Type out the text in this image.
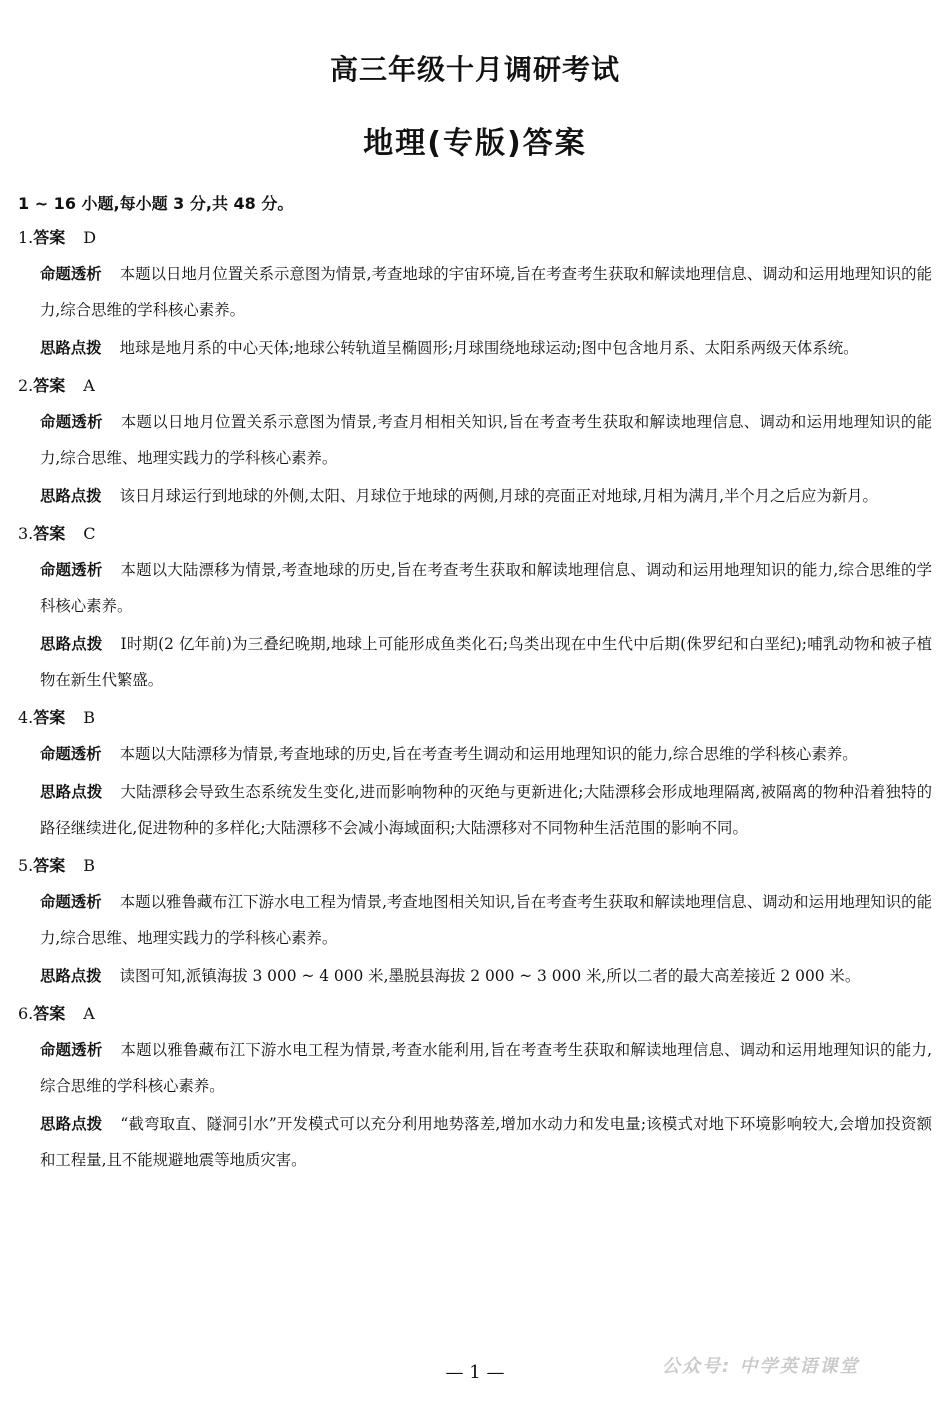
高三年级十月调研考试
地理(专版)答案
1 ~ 16 小题,每小题 3 分,共 48 分。
1.答案 D
命题透析 本题以日地月位置关系示意图为情景,考查地球的宇宙环境,旨在考查考生获取和解读地理信息、调动和运用地理知识的能力,综合思维的学科核心素养。
思路点拨 地球是地月系的中心天体;地球公转轨道呈椭圆形;月球围绕地球运动;图中包含地月系、太阳系两级天体系统。
2.答案 A
命题透析 本题以日地月位置关系示意图为情景,考查月相相关知识,旨在考查考生获取和解读地理信息、调动和运用地理知识的能力,综合思维、地理实践力的学科核心素养。
思路点拨 该日月球运行到地球的外侧,太阳、月球位于地球的两侧,月球的亮面正对地球,月相为满月,半个月之后应为新月。
3.答案 C
命题透析 本题以大陆漂移为情景,考查地球的历史,旨在考查考生获取和解读地理信息、调动和运用地理知识的能力,综合思维的学科核心素养。
思路点拨 Ⅰ时期(2 亿年前)为三叠纪晚期,地球上可能形成鱼类化石;鸟类出现在中生代中后期(侏罗纪和白垩纪);哺乳动物和被子植物在新生代繁盛。
4.答案 B
命题透析 本题以大陆漂移为情景,考查地球的历史,旨在考查考生调动和运用地理知识的能力,综合思维的学科核心素养。
思路点拨 大陆漂移会导致生态系统发生变化,进而影响物种的灭绝与更新进化;大陆漂移会形成地理隔离,被隔离的物种沿着独特的路径继续进化,促进物种的多样化;大陆漂移不会减小海域面积;大陆漂移对不同物种生活范围的影响不同。
5.答案 B
命题透析 本题以雅鲁藏布江下游水电工程为情景,考查地图相关知识,旨在考查考生获取和解读地理信息、调动和运用地理知识的能力,综合思维、地理实践力的学科核心素养。
思路点拨 读图可知,派镇海拔 3 000 ~ 4 000 米,墨脱县海拔 2 000 ~ 3 000 米,所以二者的最大高差接近 2 000 米。
6.答案 A
命题透析 本题以雅鲁藏布江下游水电工程为情景,考查水能利用,旨在考查考生获取和解读地理信息、调动和运用地理知识的能力,综合思维的学科核心素养。
思路点拨 “截弯取直、隧洞引水”开发模式可以充分利用地势落差,增加水动力和发电量;该模式对地下环境影响较大,会增加投资额和工程量,且不能规避地震等地质灾害。
公众号: 中学英语课堂
— 1 —
